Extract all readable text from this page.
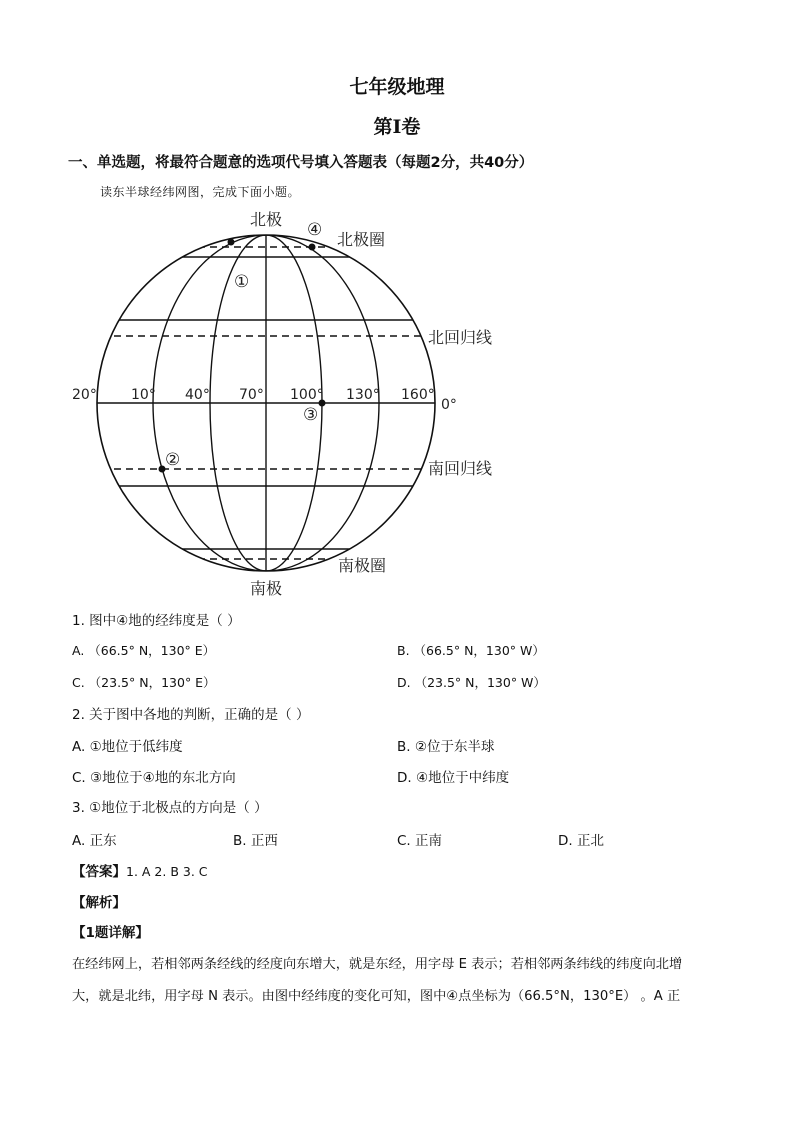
七年级地理
第Ⅰ卷
一、单选题，将最符合题意的选项代号填入答题表（每题2分，共40分）
读东半球经纬网图，完成下面小题。
北极
南极
北极圈
南极圈
北回归线
南回归线
20° 10° 40° 70° 100° 130° 160°
0°
①
②
③
④
1. 图中④地的经纬度是（ ）
A. （66.5° N，130° E）	B. （66.5° N，130° W）
C. （23.5° N，130° E）	D. （23.5° N，130° W）
2. 关于图中各地的判断，正确的是（ ）
A. ①地位于低纬度	B. ②位于东半球
C. ③地位于④地的东北方向	D. ④地位于中纬度
3. ①地位于北极点的方向是（ ）
A. 正东	B. 正西	C. 正南	D. 正北
【答案】1. A 2. B 3. C
【解析】
【1题详解】
在经纬网上，若相邻两条经线的经度向东增大，就是东经，用字母 E 表示；若相邻两条纬线的纬度向北增
大，就是北纬，用字母 N 表示。由图中经纬度的变化可知，图中④点坐标为（66.5°N，130°E） 。A 正
